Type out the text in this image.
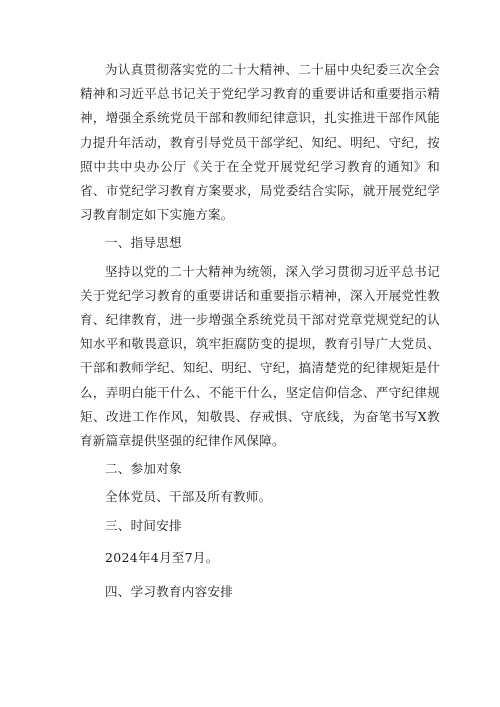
为认真贯彻落实党的二十大精神、二十届中央纪委三次全会精神和习近平总书记关于党纪学习教育的重要讲话和重要指示精神，增强全系统党员干部和教师纪律意识，扎实推进干部作风能力提升年活动，教育引导党员干部学纪、知纪、明纪、守纪，按照中共中央办公厅《关于在全党开展党纪学习教育的通知》和省、市党纪学习教育方案要求，局党委结合实际，就开展党纪学习教育制定如下实施方案。

一、指导思想

坚持以党的二十大精神为统领，深入学习贯彻习近平总书记关于党纪学习教育的重要讲话和重要指示精神，深入开展党性教育、纪律教育，进一步增强全系统党员干部对党章党规党纪的认知水平和敬畏意识，筑牢拒腐防变的提坝，教育引导广大党员、干部和教师学纪、知纪、明纪、守纪，搞清楚党的纪律规矩是什么，弄明白能干什么、不能干什么，坚定信仰信念、严守纪律规矩、改进工作作风，知敬畏、存戒惧、守底线，为奋笔书写X教育新篇章提供坚强的纪律作风保障。

二、参加对象

全体党员、干部及所有教师。

三、时间安排

2024年4月至7月。

四、学习教育内容安排
